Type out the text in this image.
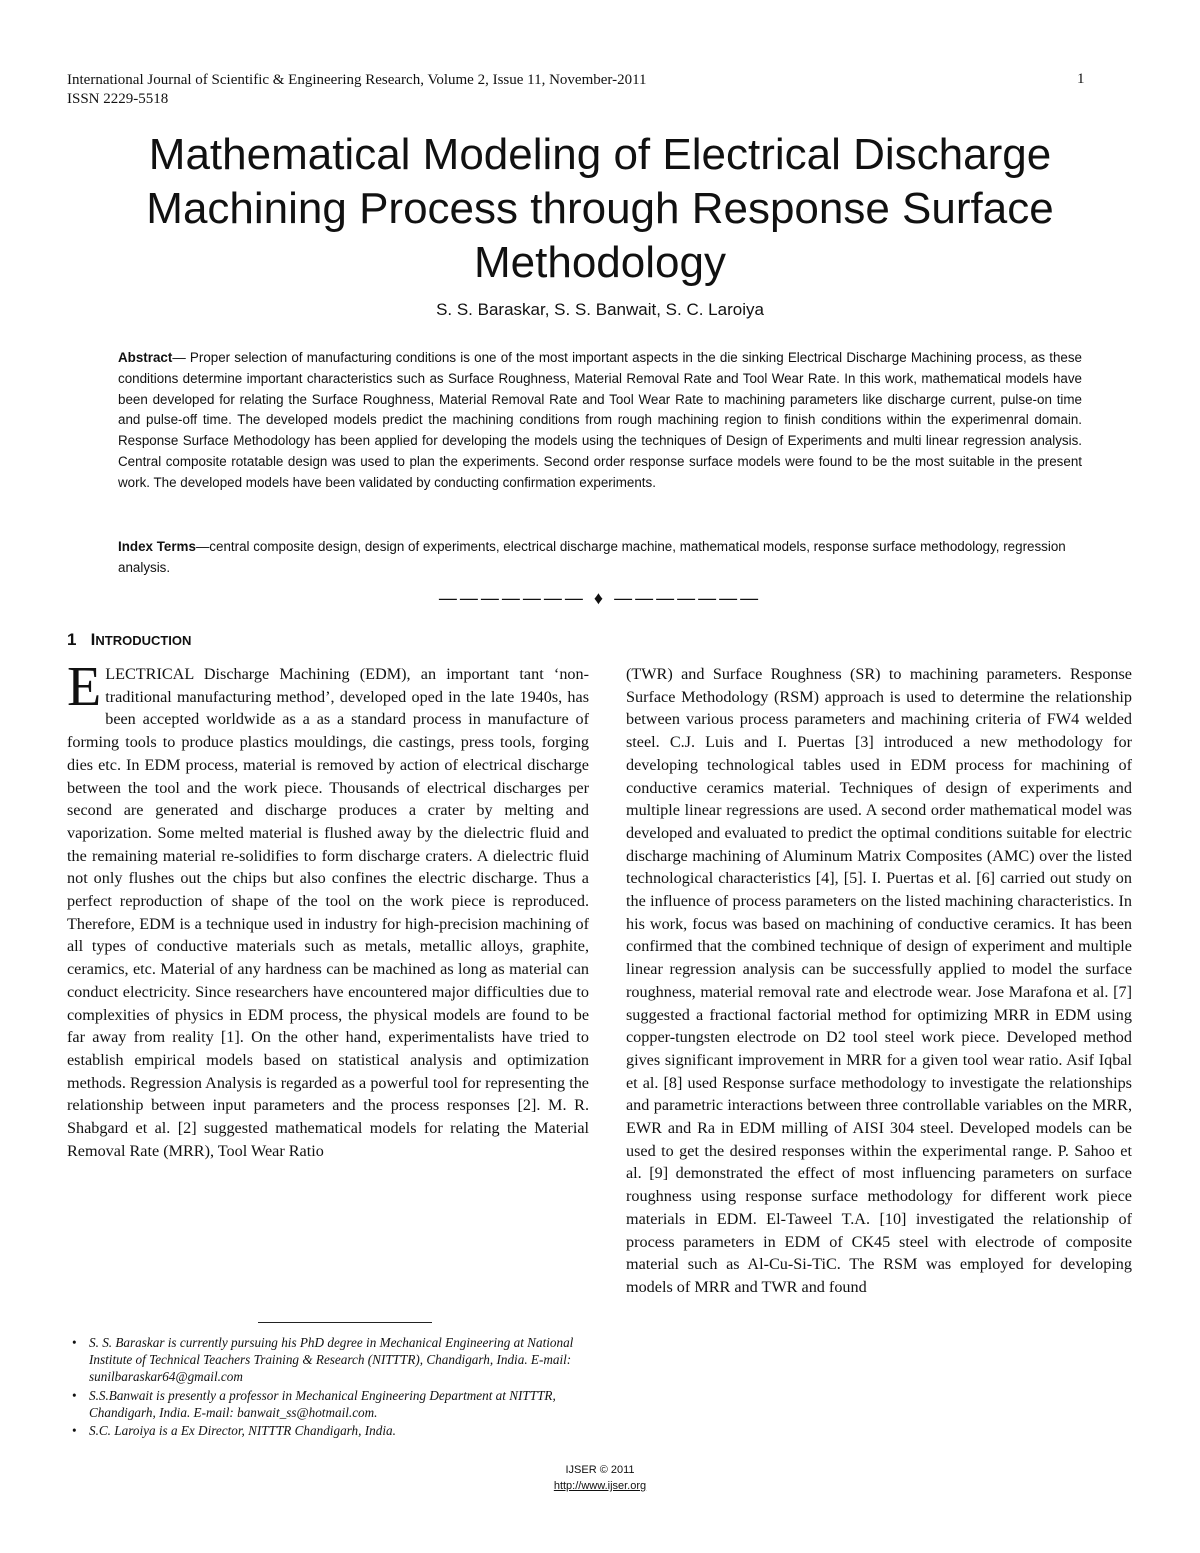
International Journal of Scientific & Engineering Research, Volume 2, Issue 11, November-2011
ISSN 2229-5518
1
Mathematical Modeling of Electrical Discharge Machining Process through Response Surface Methodology
S. S. Baraskar, S. S. Banwait, S. C. Laroiya

Abstract— Proper selection of manufacturing conditions is one of the most important aspects in the die sinking Electrical Discharge Machining process, as these conditions determine important characteristics such as Surface Roughness, Material Removal Rate and Tool Wear Rate. In this work, mathematical models have been developed for relating the Surface Roughness, Material Removal Rate and Tool Wear Rate to machining parameters like discharge current, pulse-on time and pulse-off time. The developed models predict the machining conditions from rough machining region to finish conditions within the experimenral domain. Response Surface Methodology has been applied for developing the models using the techniques of Design of Experiments and multi linear regression analysis. Central composite rotatable design was used to plan the experiments. Second order response surface models were found to be the most suitable in the present work. The developed models have been validated by conducting confirmation experiments.

Index Terms—central composite design, design of experiments, electrical discharge machine, mathematical models, response surface methodology, regression analysis.

——————— ♦ ———————
1 INTRODUCTION

ELECTRICAL Discharge Machining (EDM), an important tant ‘non-traditional manufacturing method’, developed oped in the late 1940s, has been accepted worldwide as a as a standard process in manufacture of forming tools to produce plastics mouldings, die castings, press tools, forging dies etc. In EDM process, material is removed by action of electrical discharge between the tool and the work piece. Thousands of electrical discharges per second are generated and discharge produces a crater by melting and vaporization. Some melted material is flushed away by the dielectric fluid and the remaining material re-solidifies to form discharge craters. A dielectric fluid not only flushes out the chips but also confines the electric discharge. Thus a perfect reproduction of shape of the tool on the work piece is reproduced. Therefore, EDM is a technique used in industry for high-precision machining of all types of conductive materials such as metals, metallic alloys, graphite, ceramics, etc. Material of any hardness can be machined as long as material can conduct electricity. Since researchers have encountered major difficulties due to complexities of physics in EDM process, the physical models are found to be far away from reality [1]. On the other hand, experimentalists have tried to establish empirical models based on statistical analysis and optimization methods. Regression Analysis is regarded as a powerful tool for representing the relationship between input parameters and the process responses [2]. M. R. Shabgard et al. [2] suggested mathematical models for relating the Material Removal Rate (MRR), Tool Wear Ratio

(TWR) and Surface Roughness (SR) to machining parameters. Response Surface Methodology (RSM) approach is used to determine the relationship between various process parameters and machining criteria of FW4 welded steel. C.J. Luis and I. Puertas [3] introduced a new methodology for developing technological tables used in EDM process for machining of conductive ceramics material. Techniques of design of experiments and multiple linear regressions are used. A second order mathematical model was developed and evaluated to predict the optimal conditions suitable for electric discharge machining of Aluminum Matrix Composites (AMC) over the listed technological characteristics [4], [5]. I. Puertas et al. [6] carried out study on the influence of process parameters on the listed machining characteristics. In his work, focus was based on machining of conductive ceramics. It has been confirmed that the combined technique of design of experiment and multiple linear regression analysis can be successfully applied to model the surface roughness, material removal rate and electrode wear. Jose Marafona et al. [7] suggested a fractional factorial method for optimizing MRR in EDM using copper-tungsten electrode on D2 tool steel work piece. Developed method gives significant improvement in MRR for a given tool wear ratio. Asif Iqbal et al. [8] used Response surface methodology to investigate the relationships and parametric interactions between three controllable variables on the MRR, EWR and Ra in EDM milling of AISI 304 steel. Developed models can be used to get the desired responses within the experimental range. P. Sahoo et al. [9] demonstrated the effect of most influencing parameters on surface roughness using response surface methodology for different work piece materials in EDM. El-Taweel T.A. [10] investigated the relationship of process parameters in EDM of CK45 steel with electrode of composite material such as Al-Cu-Si-TiC. The RSM was employed for developing models of MRR and TWR and found

• S. S. Baraskar is currently pursuing his PhD degree in Mechanical Engineering at National Institute of Technical Teachers Training & Research (NITTTR), Chandigarh, India. E-mail: sunilbaraskar64@gmail.com
• S.S.Banwait is presently a professor in Mechanical Engineering Department at NITTTR, Chandigarh, India. E-mail: banwait_ss@hotmail.com.
• S.C. Laroiya is a Ex Director, NITTTR Chandigarh, India.
IJSER © 2011
http://www.ijser.org
